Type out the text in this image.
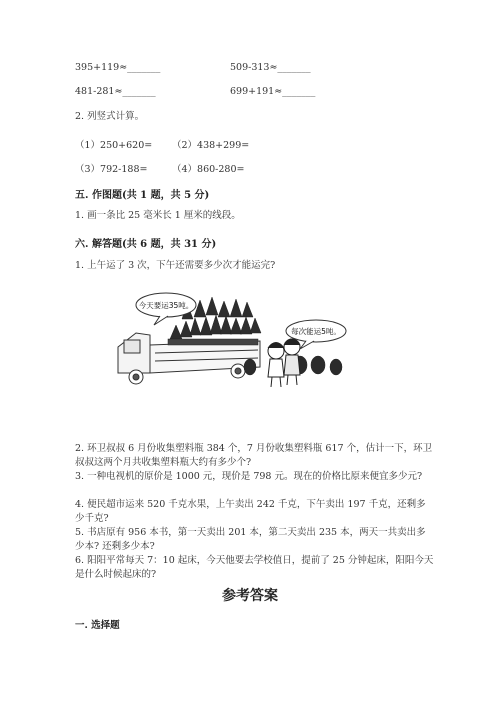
395+119≈_______	509-313≈_______
481-281≈_______	699+191≈_______
2. 列竖式计算。
（1）250+620= （2）438+299=
（3）792-188=	（4）860-280=
五. 作图题(共 1 题，共 5 分)
1. 画一条比 25 毫米长 1 厘米的线段。
六. 解答题(共 6 题，共 31 分)
1. 上午运了 3 次，下午还需要多少次才能运完?
今天要运35吨。
每次能运5吨。
2. 环卫叔叔 6 月份收集塑料瓶 384 个，7 月份收集塑料瓶 617 个，估计一下，环卫叔叔这两个月共收集塑料瓶大约有多少个?
3. 一种电视机的原价是 1000 元，现价是 798 元。现在的价格比原来便宜多少元?
4. 便民超市运来 520 千克水果，上午卖出 242 千克，下午卖出 197 千克，还剩多少千克?
5. 书店原有 956 本书，第一天卖出 201 本，第二天卖出 235 本，两天一共卖出多少本? 还剩多少本?
6. 阳阳平常每天 7：10 起床，今天他要去学校值日，提前了 25 分钟起床，阳阳今天是什么时候起床的?
参考答案
一. 选择题
